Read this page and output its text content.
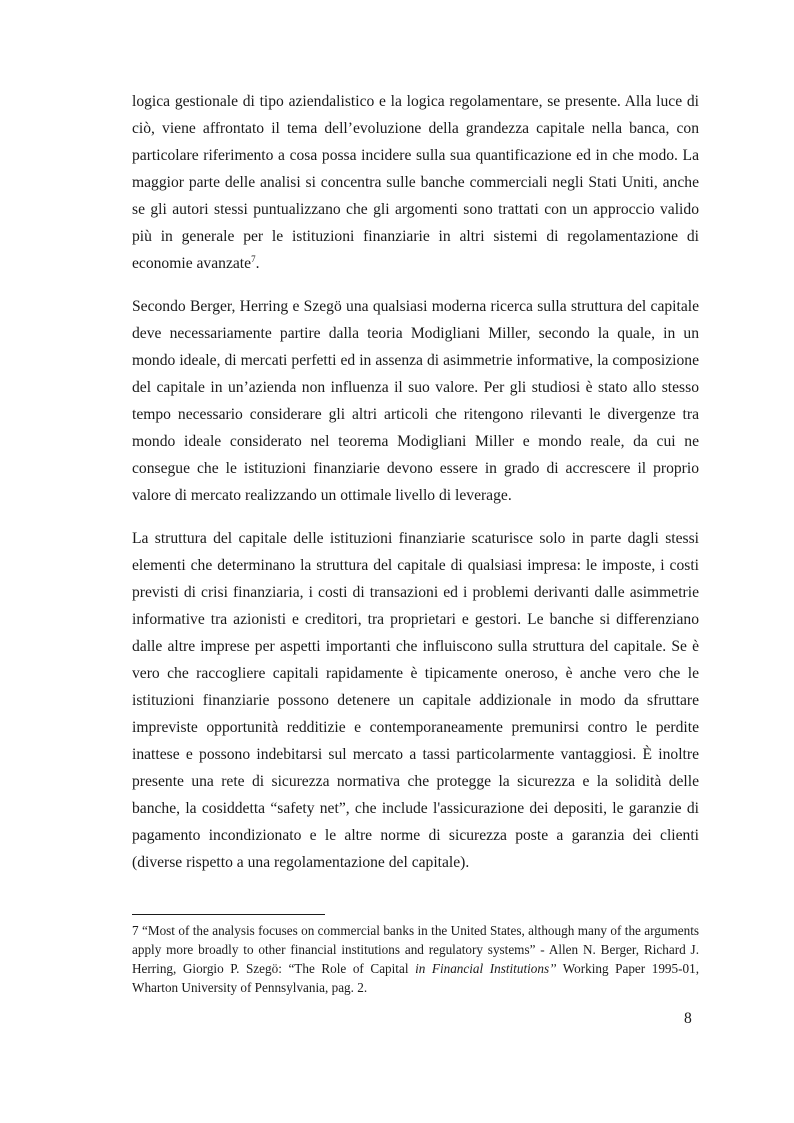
logica gestionale di tipo aziendalistico e la logica regolamentare, se presente. Alla luce di ciò, viene affrontato il tema dell’evoluzione della grandezza capitale nella banca, con particolare riferimento a cosa possa incidere sulla sua quantificazione ed in che modo. La maggior parte delle analisi si concentra sulle banche commerciali negli Stati Uniti, anche se gli autori stessi puntualizzano che gli argomenti sono trattati con un approccio valido più in generale per le istituzioni finanziarie in altri sistemi di regolamentazione di economie avanzate$^7$.

Secondo Berger, Herring e Szegö una qualsiasi moderna ricerca sulla struttura del capitale deve necessariamente partire dalla teoria Modigliani Miller, secondo la quale, in un mondo ideale, di mercati perfetti ed in assenza di asimmetrie informative, la composizione del capitale in un’azienda non influenza il suo valore. Per gli studiosi è stato allo stesso tempo necessario considerare gli altri articoli che ritengono rilevanti le divergenze tra mondo ideale considerato nel teorema Modigliani Miller e mondo reale, da cui ne consegue che le istituzioni finanziarie devono essere in grado di accrescere il proprio valore di mercato realizzando un ottimale livello di leverage.

La struttura del capitale delle istituzioni finanziarie scaturisce solo in parte dagli stessi elementi che determinano la struttura del capitale di qualsiasi impresa: le imposte, i costi previsti di crisi finanziaria, i costi di transazioni ed i problemi derivanti dalle asimmetrie informative tra azionisti e creditori, tra proprietari e gestori. Le banche si differenziano dalle altre imprese per aspetti importanti che influiscono sulla struttura del capitale. Se è vero che raccogliere capitali rapidamente è tipicamente oneroso, è anche vero che le istituzioni finanziarie possono detenere un capitale addizionale in modo da sfruttare impreviste opportunità redditizie e contemporaneamente premunirsi contro le perdite inattese e possono indebitarsi sul mercato a tassi particolarmente vantaggiosi. È inoltre presente una rete di sicurezza normativa che protegge la sicurezza e la solidità delle banche, la cosiddetta “safety net”, che include l'assicurazione dei depositi, le garanzie di pagamento incondizionato e le altre norme di sicurezza poste a garanzia dei clienti (diverse rispetto a una regolamentazione del capitale).

7 “Most of the analysis focuses on commercial banks in the United States, although many of the arguments apply more broadly to other financial institutions and regulatory systems” - Allen N. Berger, Richard J. Herring, Giorgio P. Szegö: “The Role of Capital in Financial Institutions’’ Working Paper 1995-01, Wharton University of Pennsylvania, pag. 2.

8
